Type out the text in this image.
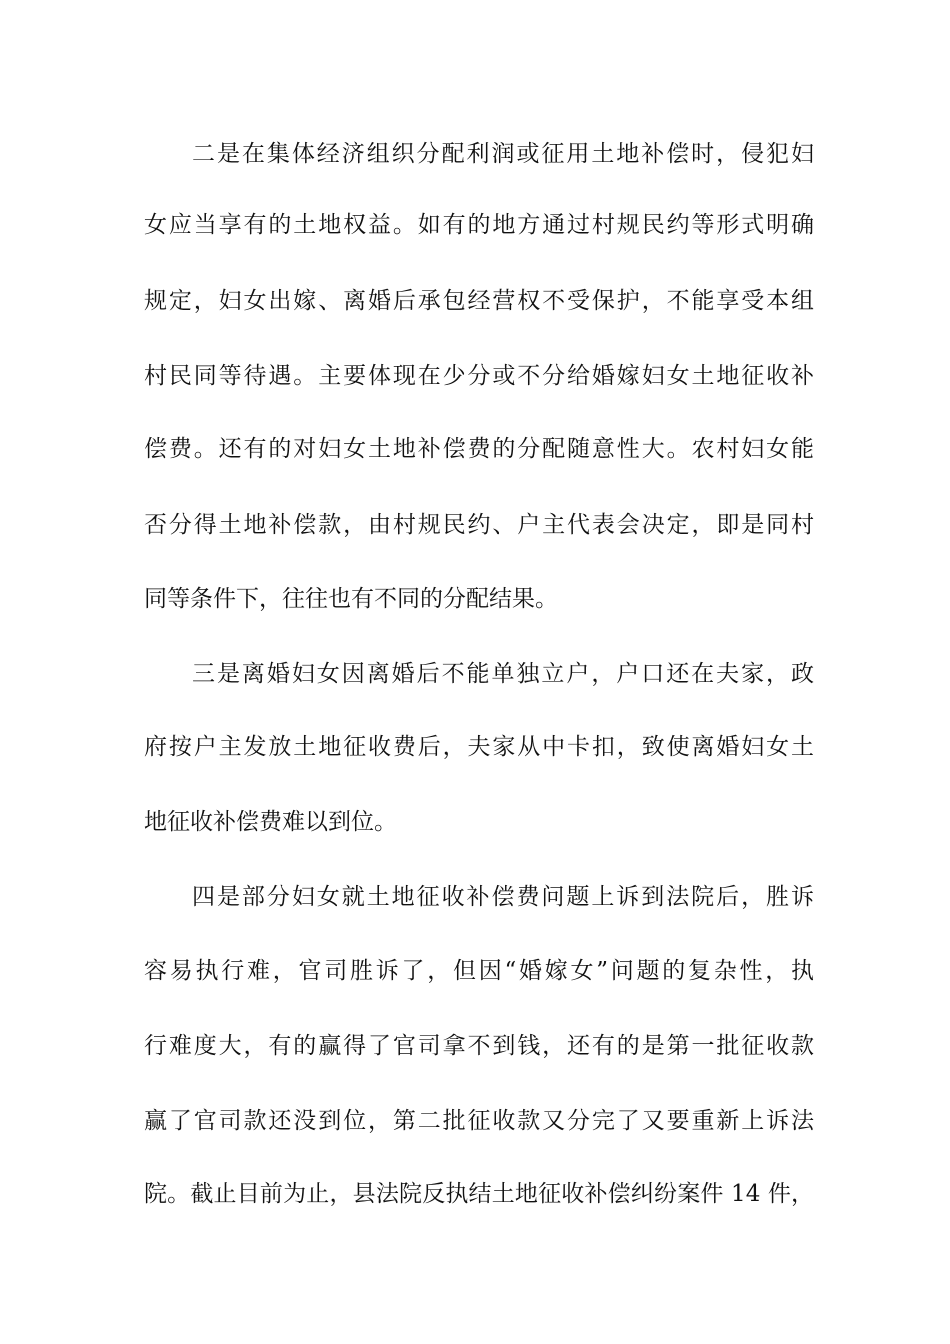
二是在集体经济组织分配利润或征用土地补偿时，侵犯妇
女应当享有的土地权益。如有的地方通过村规民约等形式明确
规定，妇女出嫁、离婚后承包经营权不受保护，不能享受本组
村民同等待遇。主要体现在少分或不分给婚嫁妇女土地征收补
偿费。还有的对妇女土地补偿费的分配随意性大。农村妇女能
否分得土地补偿款，由村规民约、户主代表会决定，即是同村
同等条件下，往往也有不同的分配结果。
三是离婚妇女因离婚后不能单独立户，户口还在夫家，政
府按户主发放土地征收费后，夫家从中卡扣，致使离婚妇女土
地征收补偿费难以到位。
四是部分妇女就土地征收补偿费问题上诉到法院后，胜诉
容易执行难，官司胜诉了，但因“婚嫁女”问题的复杂性，执
行难度大，有的赢得了官司拿不到钱，还有的是第一批征收款
赢了官司款还没到位，第二批征收款又分完了又要重新上诉法
院。截止目前为止，县法院反执结土地征收补偿纠纷案件 14 件，
